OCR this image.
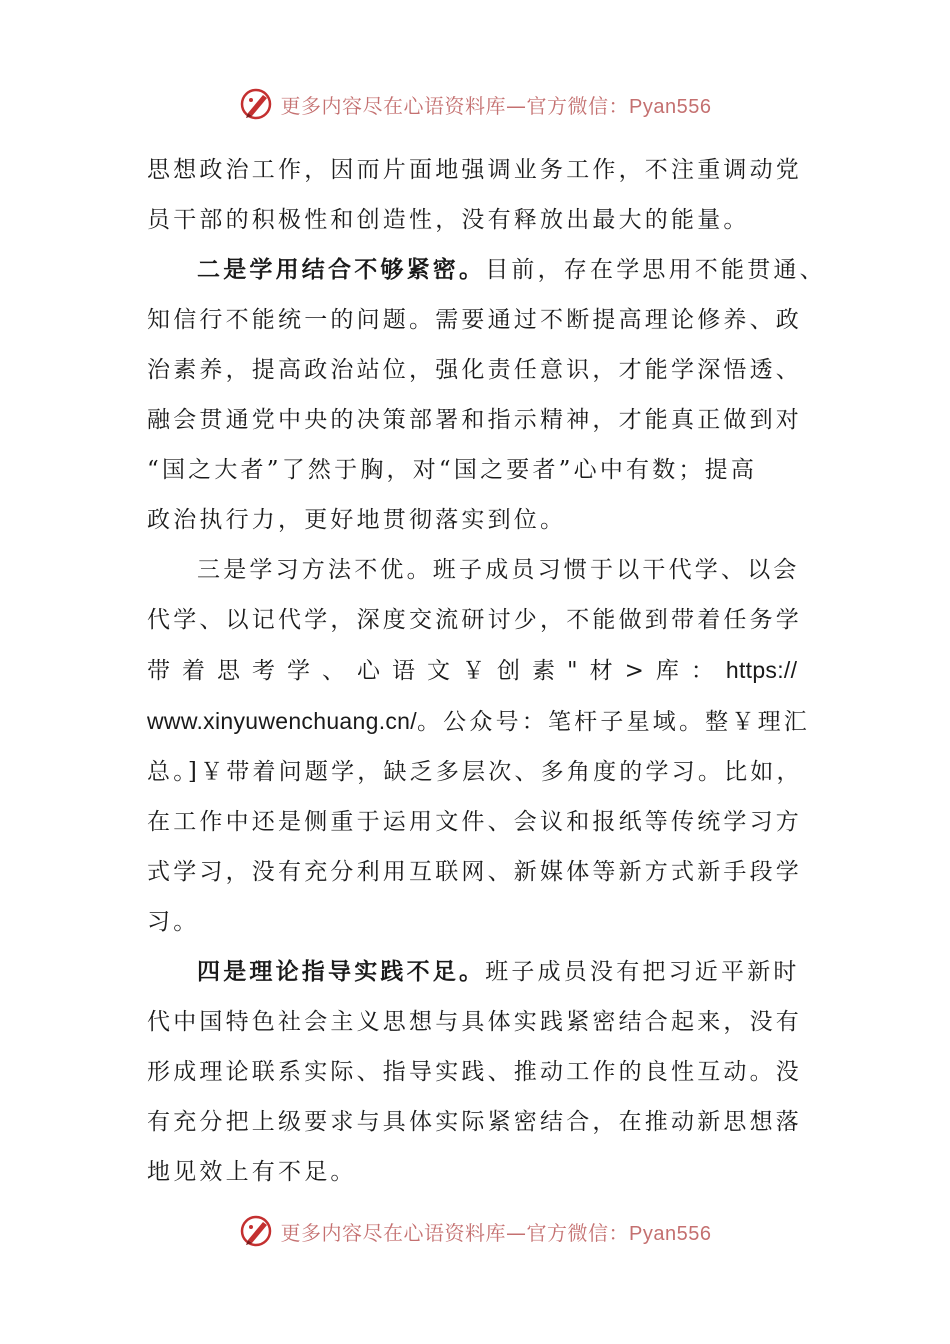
更多内容尽在心语资料库—官方微信：Pyan556

思想政治工作，因而片面地强调业务工作，不注重调动党

员干部的积极性和创造性，没有释放出最大的能量。

二是学用结合不够紧密。目前，存在学思用不能贯通、

知信行不能统一的问题。需要通过不断提高理论修养、政

治素养，提高政治站位，强化责任意识，才能学深悟透、

融会贯通党中央的决策部署和指示精神，才能真正做到对

“国之大者”了然于胸，对“国之要者”心中有数；提高

政治执行力，更好地贯彻落实到位。

三是学习方法不优。班子成员习惯于以干代学、以会

代学、以记代学，深度交流研讨少，不能做到带着任务学

带着思考学、心语文￥创素"材>库：https://

www.xinyuwenchuang.cn/。公众号：笔杆子星域。整￥理汇

总。]￥带着问题学，缺乏多层次、多角度的学习。比如，

在工作中还是侧重于运用文件、会议和报纸等传统学习方

式学习，没有充分利用互联网、新媒体等新方式新手段学

习。

四是理论指导实践不足。班子成员没有把习近平新时

代中国特色社会主义思想与具体实践紧密结合起来，没有

形成理论联系实际、指导实践、推动工作的良性互动。没

有充分把上级要求与具体实际紧密结合，在推动新思想落

地见效上有不足。

更多内容尽在心语资料库—官方微信：Pyan556
